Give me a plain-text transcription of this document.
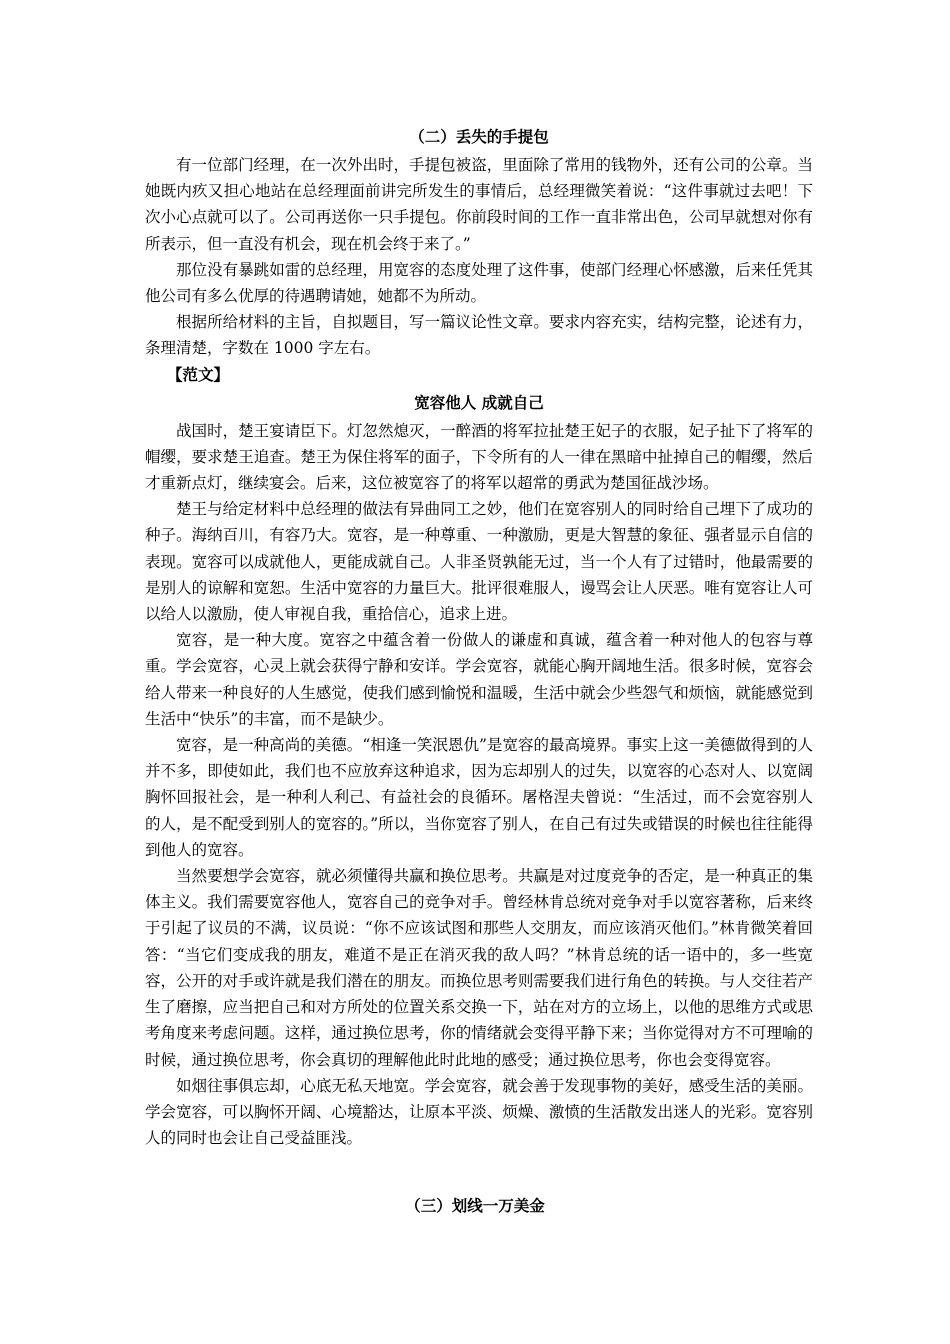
（二）丢失的手提包

有一位部门经理，在一次外出时，手提包被盗，里面除了常用的钱物外，还有公司的公章。当她既内疚又担心地站在总经理面前讲完所发生的事情后，总经理微笑着说：“这件事就过去吧！下次小心点就可以了。公司再送你一只手提包。你前段时间的工作一直非常出色，公司早就想对你有所表示，但一直没有机会，现在机会终于来了。”

那位没有暴跳如雷的总经理，用宽容的态度处理了这件事，使部门经理心怀感激，后来任凭其他公司有多么优厚的待遇聘请她，她都不为所动。

根据所给材料的主旨，自拟题目，写一篇议论性文章。要求内容充实，结构完整，论述有力，条理清楚，字数在 1000 字左右。

【范文】

宽容他人 成就自己

战国时，楚王宴请臣下。灯忽然熄灭，一醉酒的将军拉扯楚王妃子的衣服，妃子扯下了将军的帽缨，要求楚王追查。楚王为保住将军的面子，下令所有的人一律在黑暗中扯掉自己的帽缨，然后才重新点灯，继续宴会。后来，这位被宽容了的将军以超常的勇武为楚国征战沙场。

楚王与给定材料中总经理的做法有异曲同工之妙，他们在宽容别人的同时给自己埋下了成功的种子。海纳百川，有容乃大。宽容，是一种尊重、一种激励，更是大智慧的象征、强者显示自信的表现。宽容可以成就他人，更能成就自己。人非圣贤孰能无过，当一个人有了过错时，他最需要的是别人的谅解和宽恕。生活中宽容的力量巨大。批评很难服人，谩骂会让人厌恶。唯有宽容让人可以给人以激励，使人审视自我，重拾信心，追求上进。

宽容，是一种大度。宽容之中蕴含着一份做人的谦虚和真诚，蕴含着一种对他人的包容与尊重。学会宽容，心灵上就会获得宁静和安详。学会宽容，就能心胸开阔地生活。很多时候，宽容会给人带来一种良好的人生感觉，使我们感到愉悦和温暖，生活中就会少些怨气和烦恼，就能感觉到生活中“快乐”的丰富，而不是缺少。

宽容，是一种高尚的美德。“相逢一笑泯恩仇”是宽容的最高境界。事实上这一美德做得到的人并不多，即使如此，我们也不应放弃这种追求，因为忘却别人的过失，以宽容的心态对人、以宽阔胸怀回报社会，是一种利人利己、有益社会的良循环。屠格涅夫曾说：“生活过，而不会宽容别人的人，是不配受到别人的宽容的。”所以，当你宽容了别人，在自己有过失或错误的时候也往往能得到他人的宽容。

当然要想学会宽容，就必须懂得共赢和换位思考。共赢是对过度竞争的否定，是一种真正的集体主义。我们需要宽容他人，宽容自己的竞争对手。曾经林肯总统对竞争对手以宽容著称，后来终于引起了议员的不满，议员说：“你不应该试图和那些人交朋友，而应该消灭他们。”林肯微笑着回答：“当它们变成我的朋友，难道不是正在消灭我的敌人吗？”林肯总统的话一语中的，多一些宽容，公开的对手或许就是我们潜在的朋友。而换位思考则需要我们进行角色的转换。与人交往若产生了磨擦，应当把自己和对方所处的位置关系交换一下，站在对方的立场上，以他的思维方式或思考角度来考虑问题。这样，通过换位思考，你的情绪就会变得平静下来；当你觉得对方不可理喻的时候，通过换位思考，你会真切的理解他此时此地的感受；通过换位思考，你也会变得宽容。

如烟往事俱忘却，心底无私天地宽。学会宽容，就会善于发现事物的美好，感受生活的美丽。学会宽容，可以胸怀开阔、心境豁达，让原本平淡、烦燥、激愤的生活散发出迷人的光彩。宽容别人的同时也会让自己受益匪浅。

（三）划线一万美金
